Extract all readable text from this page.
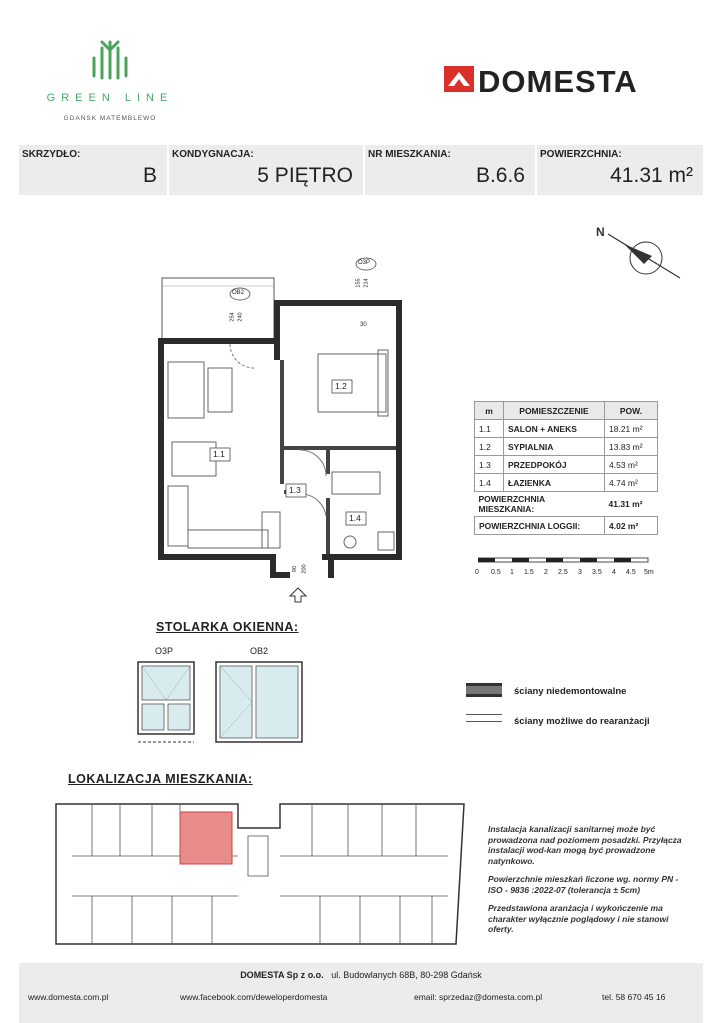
GREEN LINE
GDAŃSK MATEMBLEWO
DOMESTA
SKRZYDŁO:
B
KONDYGNACJA:
5 PIĘTRO
NR MIESZKANIA:
B.6.6
POWIERZCHNIA:
41.31 m²
N
1.1
1.2
1.3
1.4
O3P
OB2
155 214
254 240
30
90 200
m	POMIESZCZENIE	POW.
1.1	SALON + ANEKS	18.21 m²
1.2	SYPIALNIA	13.83 m²
1.3	PRZEDPOKÓJ	4.53 m²
1.4	ŁAZIENKA	4.74 m²
POWIERZCHNIA MIESZKANIA:		41.31 m²
POWIERZCHNIA LOGGII:		4.02 m²
0 0.5 1 1.5 2 2.5 3 3.5 4 4.5 5m
STOLARKA OKIENNA:
O3P	OB2
ściany niedemontowalne
ściany możliwe do rearanżacji
LOKALIZACJA MIESZKANIA:

Instalacja kanalizacji sanitarnej może być prowadzona nad poziomem posadzki. Przyłącza instalacji wod-kan mogą być prowadzone natynkowo.

Powierzchnie mieszkań liczone wg. normy PN - ISO - 9836 :2022-07 (tolerancja ± 5cm)

Przedstawiona aranżacja i wykończenie ma charakter wyłącznie poglądowy i nie stanowi oferty.

DOMESTA Sp z o.o. ul. Budowlanych 68B, 80-298 Gdańsk
www.domesta.com.pl	www.facebook.com/deweloperdomesta	email: sprzedaz@domesta.com.pl	tel. 58 670 45 16
